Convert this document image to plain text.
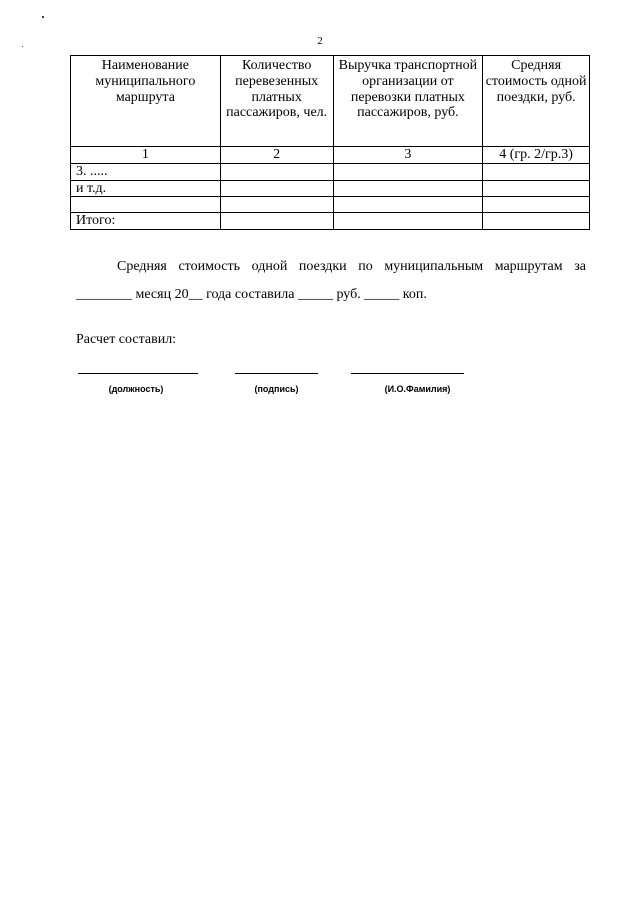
2
Наименование муниципального маршрута	Количество перевезенных платных пассажиров, чел.	Выручка транспортной организации от перевозки платных пассажиров, руб.	Средняя стоимость одной поездки, руб.
1	2	3	4 (гр. 2/гр.3)
3. .....			
и т.д.			

Итого:			
Средняя стоимость одной поездки по муниципальным маршрутам за
________ месяц 20__ года составила _____ руб. _____ коп.
Расчет составил:
(должность)	(подпись)	(И.О.Фамилия)
